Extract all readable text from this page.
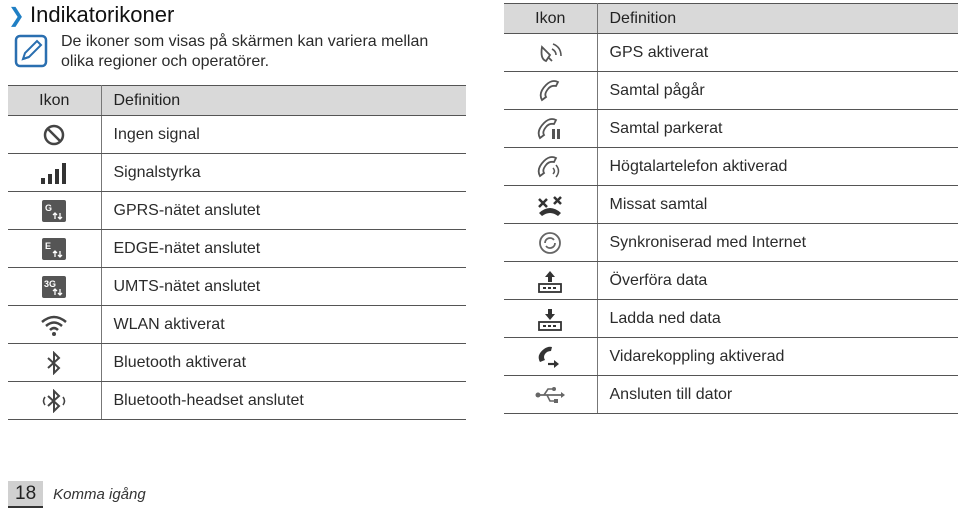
❯ Indikatorikoner
De ikoner som visas på skärmen kan variera mellan olika regioner och operatörer.
Ikon	Definition
	Ingen signal
	Signalstyrka

G	GPRS-nätet anslutet

E	EDGE-nätet anslutet

3G	UMTS-nätet anslutet
	WLAN aktiverat
	Bluetooth aktiverat
	Bluetooth-headset anslutet
Ikon	Definition
	GPS aktiverat
	Samtal pågår
	Samtal parkerat
	Högtalartelefon aktiverad
	Missat samtal
	Synkroniserad med Internet
	Överföra data
	Ladda ned data
	Vidarekoppling aktiverad
	Ansluten till dator
18	Komma igång
